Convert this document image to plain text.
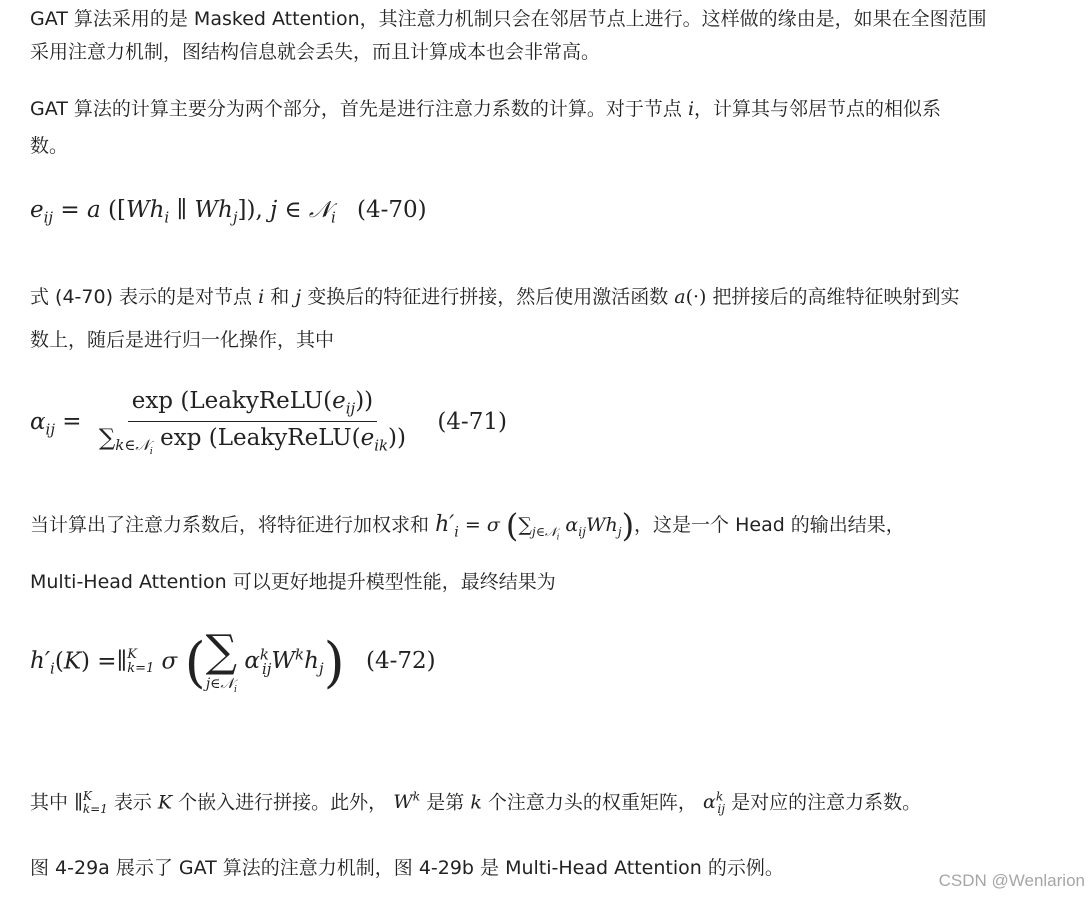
GAT 算法采用的是 Masked Attention，其注意力机制只会在邻居节点上进行。这样做的缘由是，如果在全图范围
采用注意力机制，图结构信息就会丢失，而且计算成本也会非常高。
GAT 算法的计算主要分为两个部分，首先是进行注意力系数的计算。对于节点 i，计算其与邻居节点的相似系
数。
$e_{ij} = a$ ([$Wh_i$ ∥ $Wh_j$]), j ∈ 𝒩$_i$ (4-70)
式 (4-70) 表示的是对节点 i 和 j 变换后的特征进行拼接，然后使用激活函数 a(·) 把拼接后的高维特征映射到实
数上，随后是进行归一化操作，其中
$\alpha_{ij} = \frac{\exp (LeakyReLU(e_{ij}))}{\sum_{k\in 𝒩_i} \exp (LeakyReLU(e_{ik}))} (4-71)$
当计算出了注意力系数后，将特征进行加权求和 $h'_i = \sigma$ ($\sum_{j\in 𝒩_i}$ $\alpha_{ij}Wh_j$)，这是一个 Head 的输出结果，
Multi-Head Attention 可以更好地提升模型性能，最终结果为
$h'_i(K)$ =∥ K
k=1 σ ( ∑
j∈𝒩$_i$
$\alpha^k_{ij}W^kh_j$) (4-72)
其中 ∥ K
k=1 表示 K 个嵌入进行拼接。此外， $W^k$ 是第 k 个注意力头的权重矩阵， $\alpha^k_{ij}$ 是对应的注意力系数。
图 4-29a 展示了 GAT 算法的注意力机制，图 4-29b 是 Multi-Head Attention 的示例。
CSDN @Wenlarion
